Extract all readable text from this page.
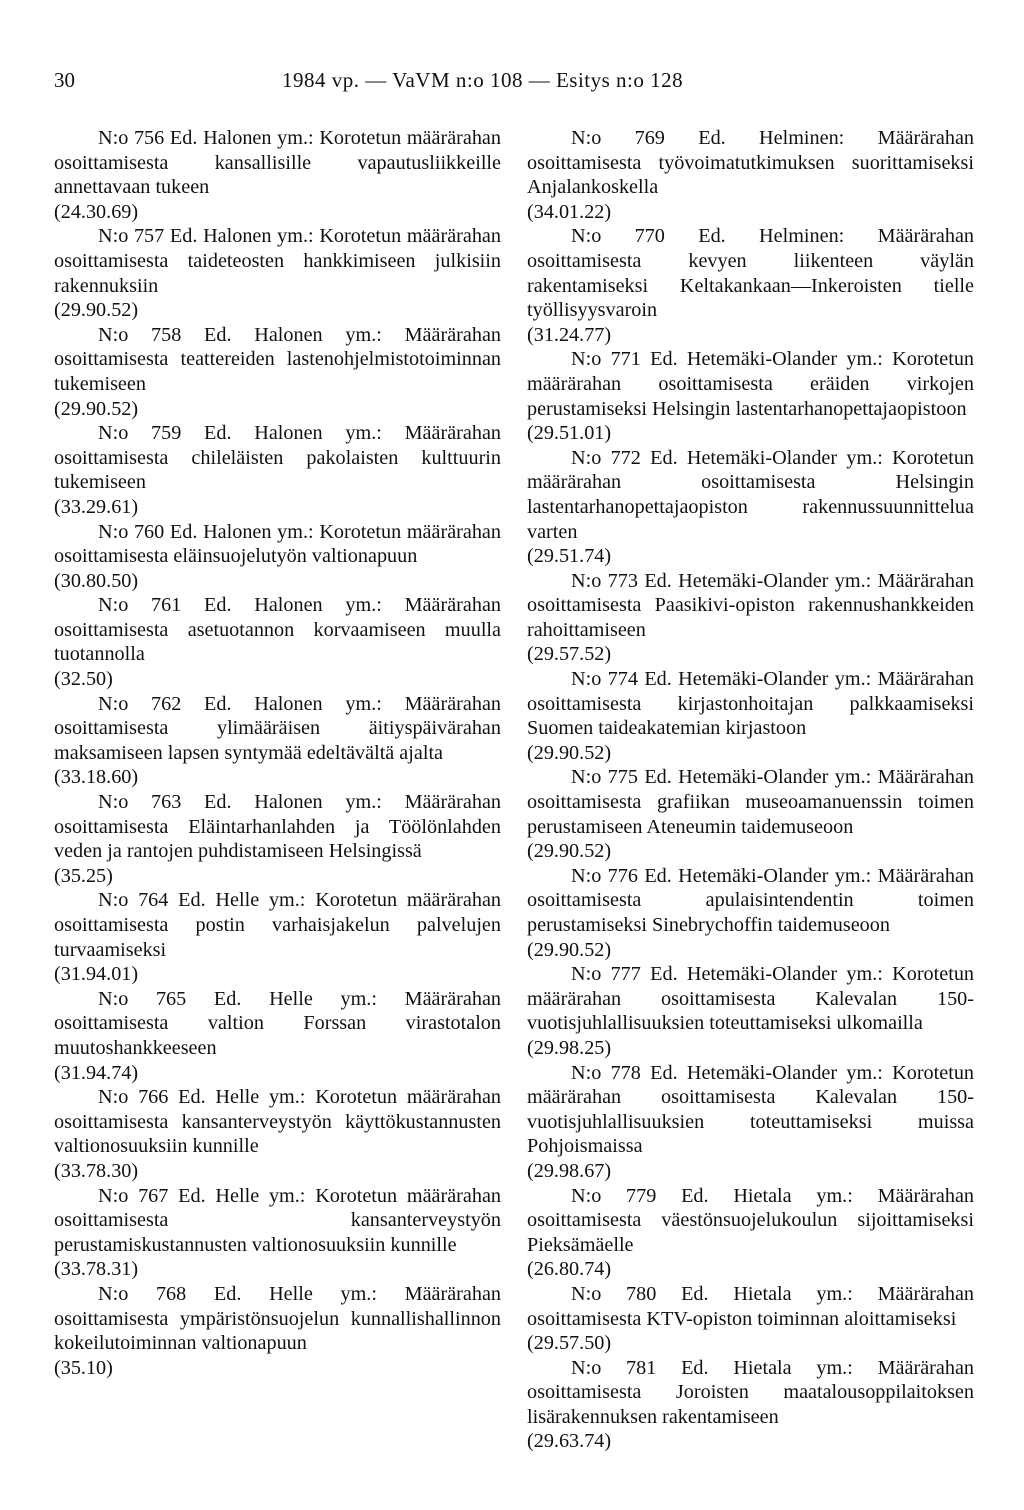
30	1984 vp. — VaVM n:o 108 — Esitys n:o 128

N:o 756 Ed. Halonen ym.: Korotetun määrärahan osoittamisesta kansallisille vapautusliikkeille annettavaan tukeen
(24.30.69)

N:o 757 Ed. Halonen ym.: Korotetun määrärahan osoittamisesta taideteosten hankkimiseen julkisiin rakennuksiin
(29.90.52)

N:o 758 Ed. Halonen ym.: Määrärahan osoittamisesta teattereiden lastenohjelmistotoiminnan tukemiseen
(29.90.52)

N:o 759 Ed. Halonen ym.: Määrärahan osoittamisesta chileläisten pakolaisten kulttuurin tukemiseen
(33.29.61)

N:o 760 Ed. Halonen ym.: Korotetun määrärahan osoittamisesta eläinsuojelutyön valtionapuun
(30.80.50)

N:o 761 Ed. Halonen ym.: Määrärahan osoittamisesta asetuotannon korvaamiseen muulla tuotannolla
(32.50)

N:o 762 Ed. Halonen ym.: Määrärahan osoittamisesta ylimääräisen äitiyspäivärahan maksamiseen lapsen syntymää edeltävältä ajalta
(33.18.60)

N:o 763 Ed. Halonen ym.: Määrärahan osoittamisesta Eläintarhanlahden ja Töölönlahden veden ja rantojen puhdistamiseen Helsingissä
(35.25)

N:o 764 Ed. Helle ym.: Korotetun määrärahan osoittamisesta postin varhaisjakelun palvelujen turvaamiseksi
(31.94.01)

N:o 765 Ed. Helle ym.: Määrärahan osoittamisesta valtion Forssan virastotalon muutoshankkeeseen
(31.94.74)

N:o 766 Ed. Helle ym.: Korotetun määrärahan osoittamisesta kansanterveystyön käyttökustannusten valtionosuuksiin kunnille
(33.78.30)

N:o 767 Ed. Helle ym.: Korotetun määrärahan osoittamisesta kansanterveystyön perustamiskustannusten valtionosuuksiin kunnille
(33.78.31)

N:o 768 Ed. Helle ym.: Määrärahan osoittamisesta ympäristönsuojelun kunnallishallinnon kokeilutoiminnan valtionapuun
(35.10)

N:o 769 Ed. Helminen: Määrärahan osoittamisesta työvoimatutkimuksen suorittamiseksi Anjalankoskella
(34.01.22)

N:o 770 Ed. Helminen: Määrärahan osoittamisesta kevyen liikenteen väylän rakentamiseksi Keltakankaan—Inkeroisten tielle työllisyysvaroin
(31.24.77)

N:o 771 Ed. Hetemäki-Olander ym.: Korotetun määrärahan osoittamisesta eräiden virkojen perustamiseksi Helsingin lastentarhanopettajaopistoon
(29.51.01)

N:o 772 Ed. Hetemäki-Olander ym.: Korotetun määrärahan osoittamisesta Helsingin lastentarhanopettajaopiston rakennussuunnittelua varten
(29.51.74)

N:o 773 Ed. Hetemäki-Olander ym.: Määrärahan osoittamisesta Paasikivi-opiston rakennushankkeiden rahoittamiseen
(29.57.52)

N:o 774 Ed. Hetemäki-Olander ym.: Määrärahan osoittamisesta kirjastonhoitajan palkkaamiseksi Suomen taideakatemian kirjastoon
(29.90.52)

N:o 775 Ed. Hetemäki-Olander ym.: Määrärahan osoittamisesta grafiikan museoamanuenssin toimen perustamiseen Ateneumin taidemuseoon
(29.90.52)

N:o 776 Ed. Hetemäki-Olander ym.: Määrärahan osoittamisesta apulaisintendentin toimen perustamiseksi Sinebrychoffin taidemuseoon
(29.90.52)

N:o 777 Ed. Hetemäki-Olander ym.: Korotetun määrärahan osoittamisesta Kalevalan 150-vuotisjuhlallisuuksien toteuttamiseksi ulkomailla
(29.98.25)

N:o 778 Ed. Hetemäki-Olander ym.: Korotetun määrärahan osoittamisesta Kalevalan 150-vuotisjuhlallisuuksien toteuttamiseksi muissa Pohjoismaissa
(29.98.67)

N:o 779 Ed. Hietala ym.: Määrärahan osoittamisesta väestönsuojelukoulun sijoittamiseksi Pieksämäelle
(26.80.74)

N:o 780 Ed. Hietala ym.: Määrärahan osoittamisesta KTV-opiston toiminnan aloittamiseksi
(29.57.50)

N:o 781 Ed. Hietala ym.: Määrärahan osoittamisesta Joroisten maatalousoppilaitoksen lisärakennuksen rakentamiseen
(29.63.74)
